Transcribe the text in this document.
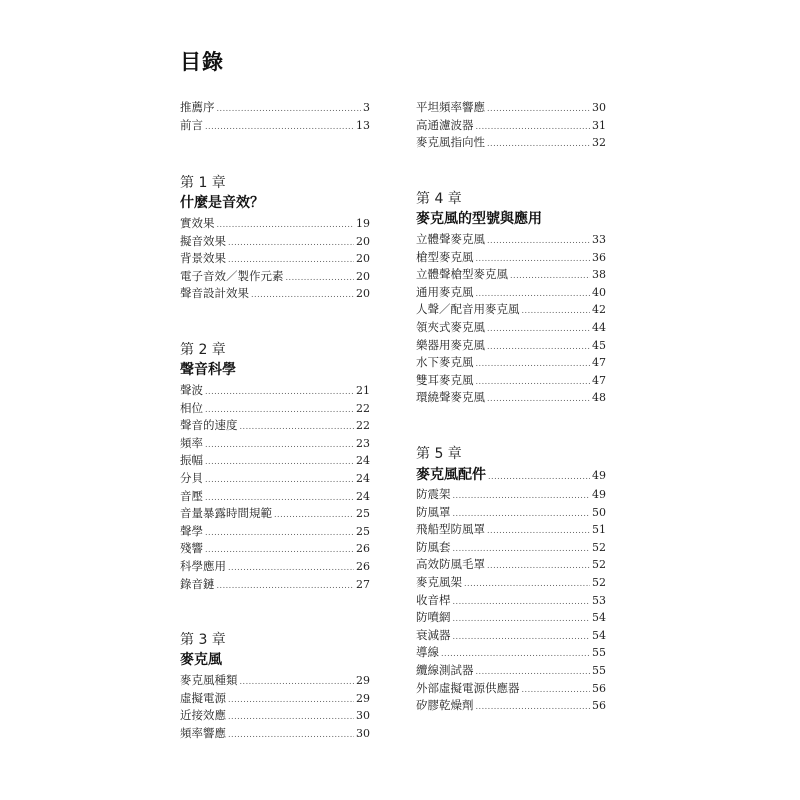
目錄
推薦序 .....	3
前言 .....	13
第 1 章
什麼是音效？
實效果 .....	19
擬音效果 .....	20
背景效果 .....	20
電子音效／製作元素 .....	20
聲音設計效果 .....	20
第 2 章
聲音科學
聲波 .....	21
相位 .....	22
聲音的速度 .....	22
頻率 .....	23
振幅 .....	24
分貝 .....	24
音壓 .....	24
音量暴露時間規範 .....	25
聲學 .....	25
殘響 .....	26
科學應用 .....	26
錄音鏈 .....	27
第 3 章
麥克風
麥克風種類 .....	29
虛擬電源 .....	29
近接效應 .....	30
頻率響應 .....	30
平坦頻率響應 .....	30
高通濾波器 .....	31
麥克風指向性 .....	32
第 4 章
麥克風的型號與應用
立體聲麥克風 .....	33
槍型麥克風 .....	36
立體聲槍型麥克風 .....	38
通用麥克風 .....	40
人聲／配音用麥克風 .....	42
領夾式麥克風 .....	44
樂器用麥克風 .....	45
水下麥克風 .....	47
雙耳麥克風 .....	47
環繞聲麥克風 .....	48
第 5 章
麥克風配件 .....	49
防震架 .....	49
防風罩 .....	50
飛船型防風罩 .....	51
防風套 .....	52
高效防風毛罩 .....	52
麥克風架 .....	52
收音桿 .....	53
防噴網 .....	54
衰減器 .....	54
導線 .....	55
纜線測試器 .....	55
外部虛擬電源供應器 .....	56
矽膠乾燥劑 .....	56
